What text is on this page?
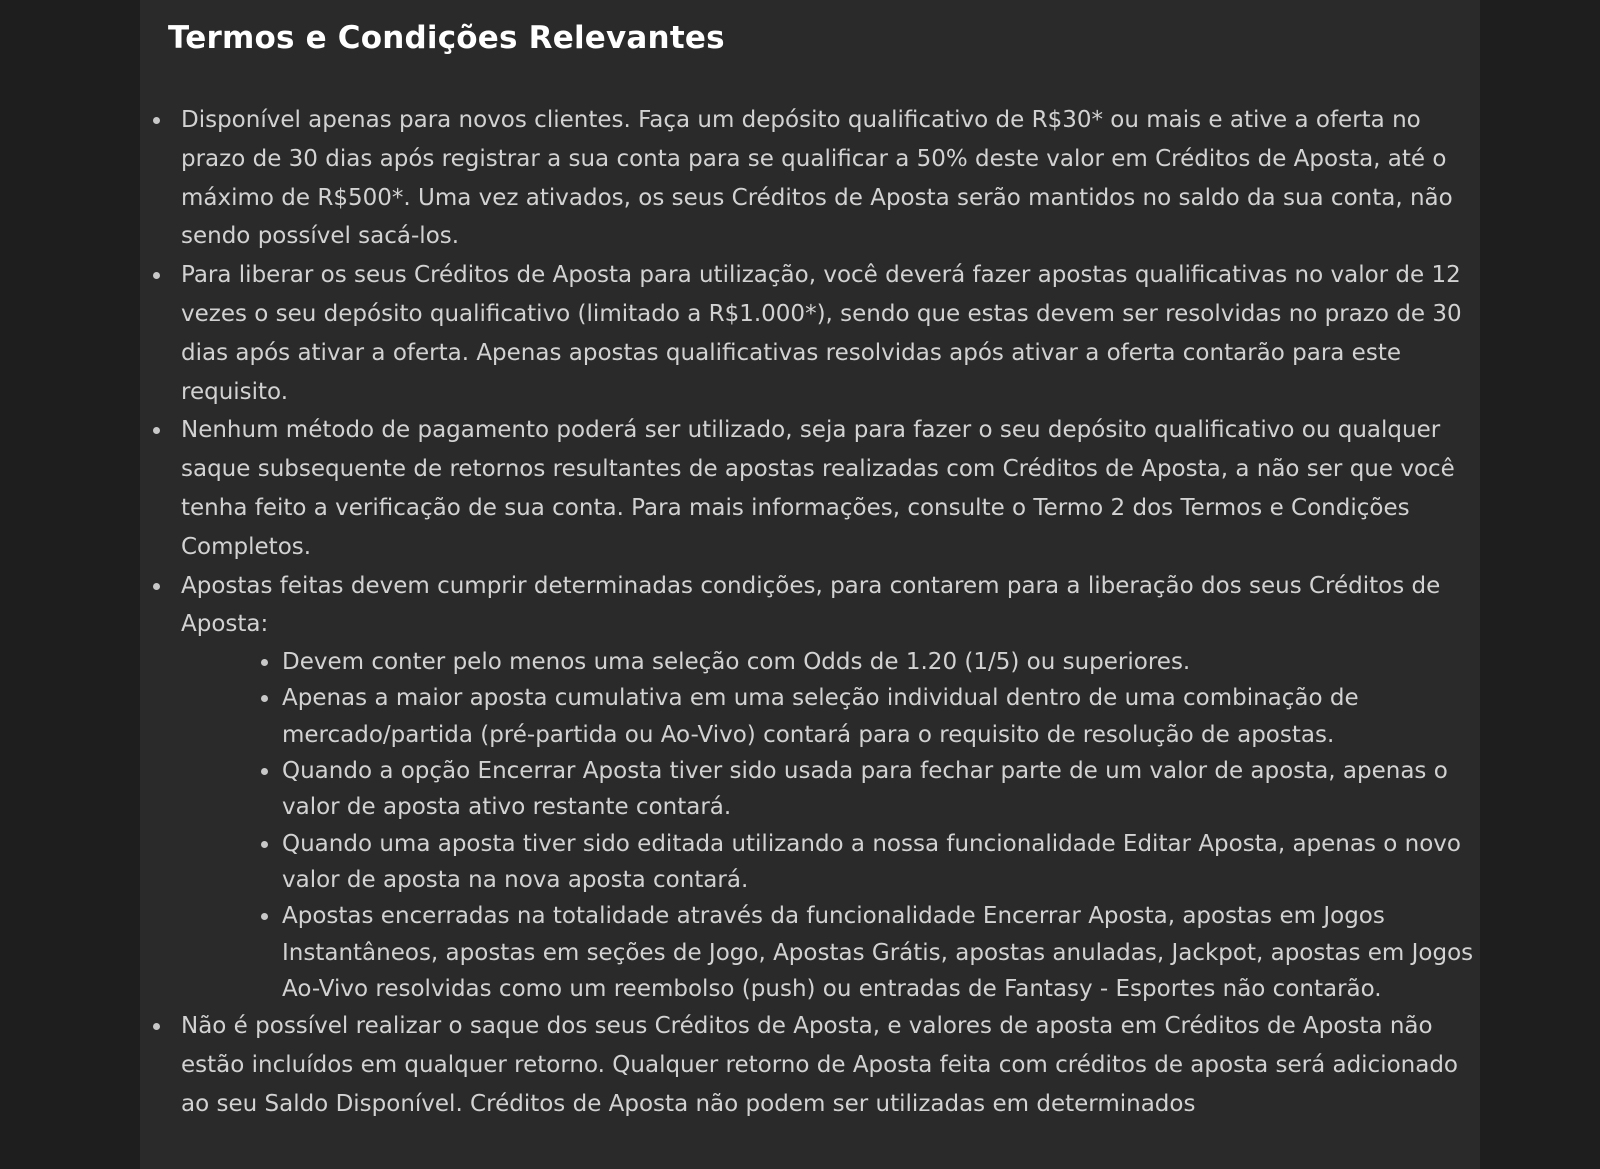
Termos e Condições Relevantes
Disponível apenas para novos clientes. Faça um depósito qualificativo de R$30* ou mais e ative a oferta no prazo de 30 dias após registrar a sua conta para se qualificar a 50% deste valor em Créditos de Aposta, até o máximo de R$500*. Uma vez ativados, os seus Créditos de Aposta serão mantidos no saldo da sua conta, não sendo possível sacá-los.
Para liberar os seus Créditos de Aposta para utilização, você deverá fazer apostas qualificativas no valor de 12 vezes o seu depósito qualificativo (limitado a R$1.000*), sendo que estas devem ser resolvidas no prazo de 30 dias após ativar a oferta. Apenas apostas qualificativas resolvidas após ativar a oferta contarão para este requisito.
Nenhum método de pagamento poderá ser utilizado, seja para fazer o seu depósito qualificativo ou qualquer saque subsequente de retornos resultantes de apostas realizadas com Créditos de Aposta, a não ser que você tenha feito a verificação de sua conta. Para mais informações, consulte o Termo 2 dos Termos e Condições Completos.
Apostas feitas devem cumprir determinadas condições, para contarem para a liberação dos seus Créditos de Aposta:
Devem conter pelo menos uma seleção com Odds de 1.20 (1/5) ou superiores.
Apenas a maior aposta cumulativa em uma seleção individual dentro de uma combinação de mercado/partida (pré-partida ou Ao-Vivo) contará para o requisito de resolução de apostas.
Quando a opção Encerrar Aposta tiver sido usada para fechar parte de um valor de aposta, apenas o valor de aposta ativo restante contará.
Quando uma aposta tiver sido editada utilizando a nossa funcionalidade Editar Aposta, apenas o novo valor de aposta na nova aposta contará.
Apostas encerradas na totalidade através da funcionalidade Encerrar Aposta, apostas em Jogos Instantâneos, apostas em seções de Jogo, Apostas Grátis, apostas anuladas, Jackpot, apostas em Jogos Ao-Vivo resolvidas como um reembolso (push) ou entradas de Fantasy - Esportes não contarão.
Não é possível realizar o saque dos seus Créditos de Aposta, e valores de aposta em Créditos de Aposta não estão incluídos em qualquer retorno. Qualquer retorno de Aposta feita com créditos de aposta será adicionado ao seu Saldo Disponível. Créditos de Aposta não podem ser utilizadas em determinados
